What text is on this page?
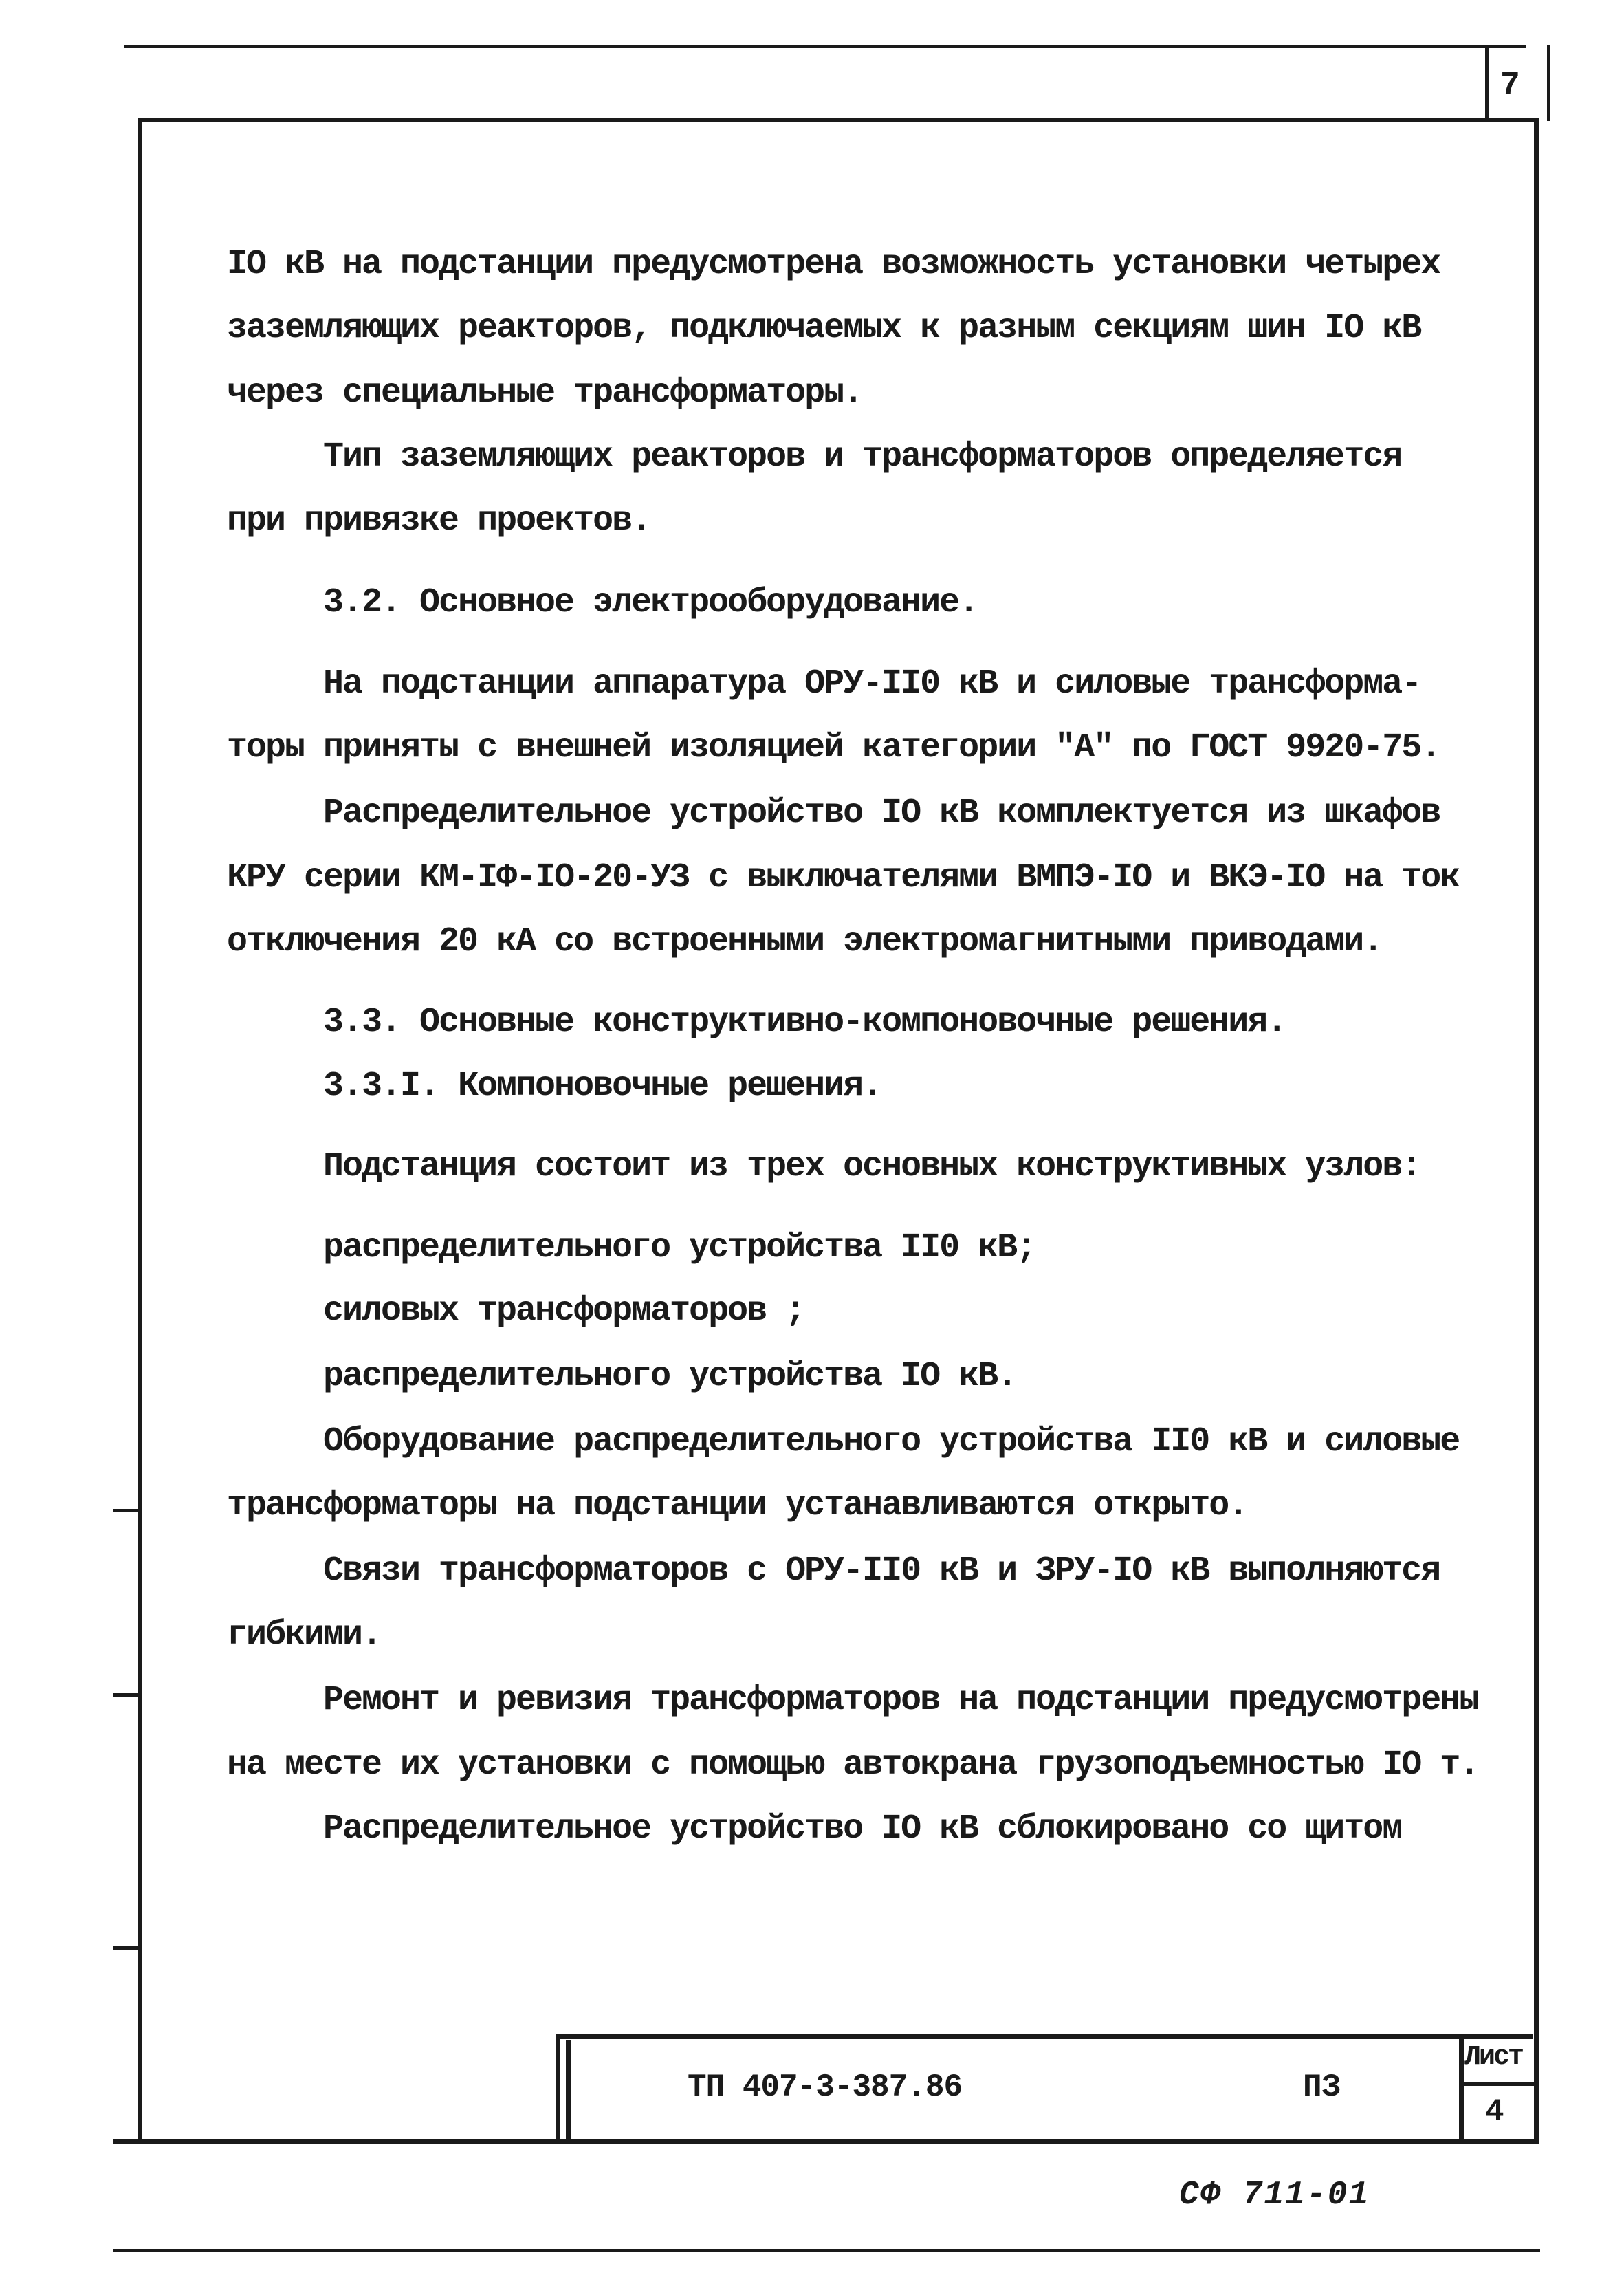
7
IO кВ на подстанции предусмотрена возможность установки четырех
заземляющих реакторов, подключаемых к разным секциям шин IO кВ
через специальные трансформаторы.
Тип заземляющих реакторов и трансформаторов определяется
при привязке проектов.
3.2. Основное электрооборудование.
На подстанции аппаратура ОРУ-II0 кВ и силовые трансформа-
торы приняты с внешней изоляцией категории "А" по ГОСТ 9920-75.
Распределительное устройство IO кВ комплектуется из шкафов
КРУ серии КМ-IФ-IO-20-УЗ с выключателями ВМПЭ-IO и ВКЭ-IO на ток
отключения 20 кА со встроенными электромагнитными приводами.
3.3. Основные конструктивно-компоновочные решения.
3.3.I. Компоновочные решения.
Подстанция состоит из трех основных конструктивных узлов:
распределительного устройства II0 кВ;
силовых трансформаторов ;
распределительного устройства IO кВ.
Оборудование распределительного устройства II0 кВ и силовые
трансформаторы на подстанции устанавливаются открыто.
Связи трансформаторов с ОРУ-II0 кВ и ЗРУ-IO кВ выполняются
гибкими.
Ремонт и ревизия трансформаторов на подстанции предусмотрены
на месте их установки с помощью автокрана грузоподъемностью IO т.
Распределительное устройство IO кВ сблокировано со щитом
ТП 407-3-387.86	ПЗ
Лист
4
СФ 711-01
